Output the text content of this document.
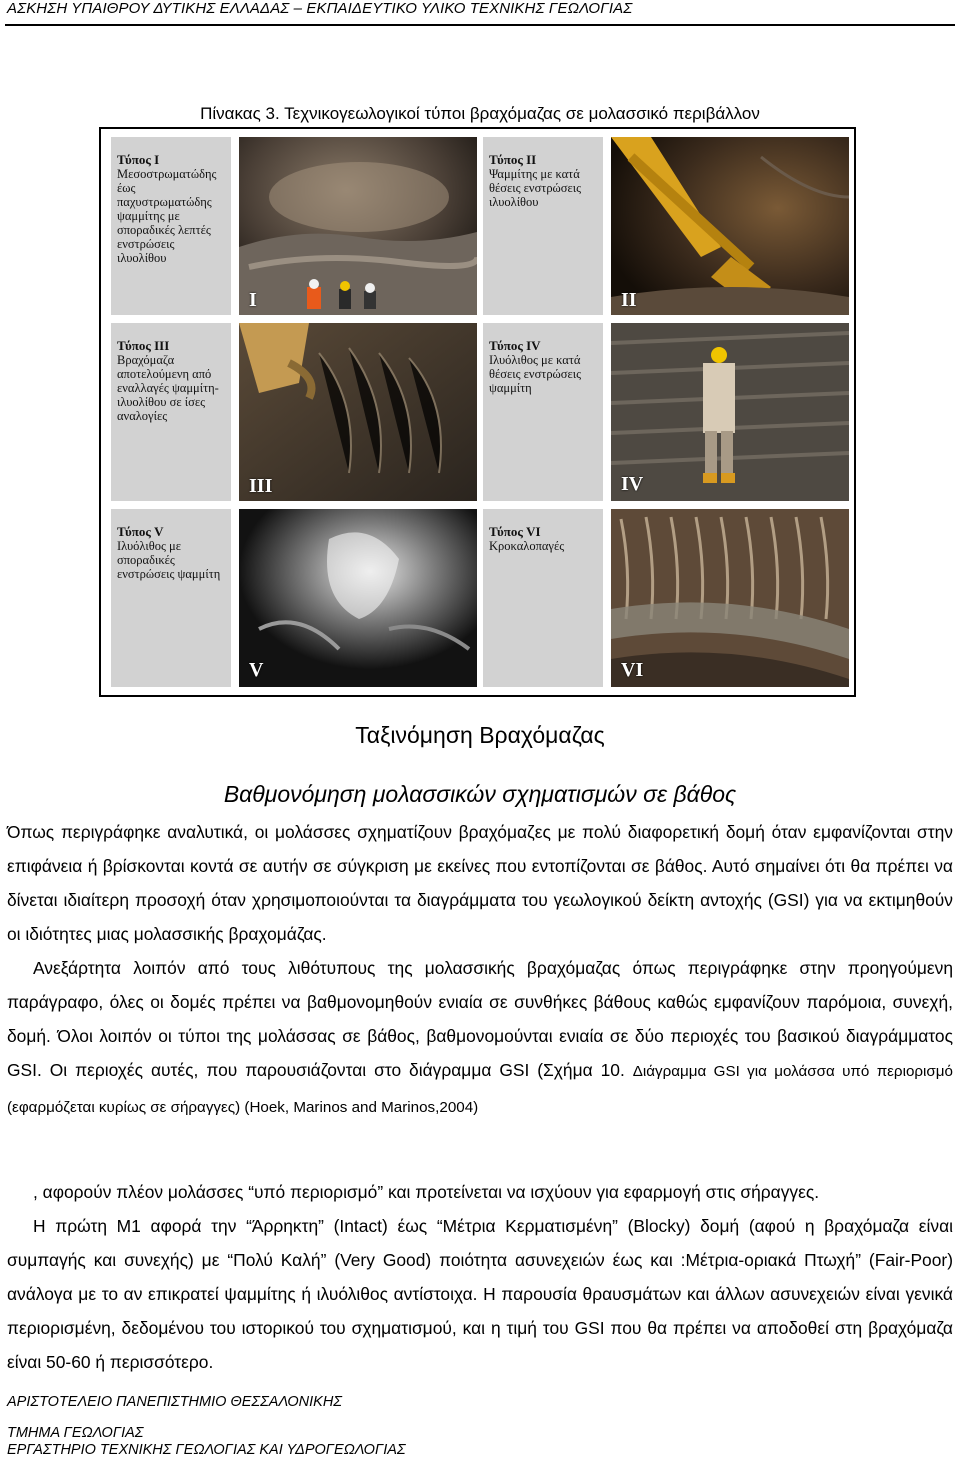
ΑΣΚΗΣΗ ΥΠΑΙΘΡΟΥ ΔΥΤΙΚΗΣ ΕΛΛΑΔΑΣ – ΕΚΠΑΙΔΕΥΤΙΚΟ ΥΛΙΚΟ ΤΕΧΝΙΚΗΣ ΓΕΩΛΟΓΙΑΣ
Πίνακας 3. Τεχνικογεωλογικοί τύποι βραχόμαζας σε μολασσικό περιβάλλον
Τύπος I
Μεσοστρωματώδης έως παχυστρωματώδης ψαμμίτης με σποραδικές λεπτές ενστρώσεις ιλυολίθου
I
Τύπος II
Ψαμμίτης με κατά θέσεις ενστρώσεις ιλυολίθου
II
Τύπος III
Βραχόμαζα αποτελούμενη από εναλλαγές ψαμμίτη-ιλυολίθου σε ίσες αναλογίες
III
Τύπος IV
Ιλυόλιθος με κατά θέσεις ενστρώσεις ψαμμίτη
IV
Τύπος V
Ιλυόλιθος με σποραδικές ενστρώσεις ψαμμίτη
V
Τύπος VI
Κροκαλοπαγές
VI
Ταξινόμηση Βραχόμαζας
Βαθμονόμηση μολασσικών σχηματισμών σε βάθος

Όπως περιγράφηκε αναλυτικά, οι μολάσσες σχηματίζουν βραχόμαζες με πολύ διαφορετική δομή όταν εμφανίζονται στην επιφάνεια ή βρίσκονται κοντά σε αυτήν σε σύγκριση με εκείνες που εντοπίζονται σε βάθος. Αυτό σημαίνει ότι θα πρέπει να δίνεται ιδιαίτερη προσοχή όταν χρησιμοποιούνται τα διαγράμματα του γεωλογικού δείκτη αντοχής (GSI) για να εκτιμηθούν οι ιδιότητες μιας μολασσικής βραχομάζας.

Ανεξάρτητα λοιπόν από τους λιθότυπους της μολασσικής βραχόμαζας όπως περιγράφηκε στην προηγούμενη παράγραφο, όλες οι δομές πρέπει να βαθμονομηθούν ενιαία σε συνθήκες βάθους καθώς εμφανίζουν παρόμοια, συνεχή, δομή. Όλοι λοιπόν οι τύποι της μολάσσας σε βάθος, βαθμονομούνται ενιαία σε δύο περιοχές του βασικού διαγράμματος GSI. Οι περιοχές αυτές, που παρουσιάζονται στο διάγραμμα GSI (Σχήμα 10. Διάγραμμα GSI για μολάσσα υπό περιορισμό (εφαρμόζεται κυρίως σε σήραγγες) (Hoek, Marinos and Marinos,2004)

, αφορούν πλέον μολάσσες “υπό περιορισμό” και προτείνεται να ισχύουν για εφαρμογή στις σήραγγες.

Η πρώτη Μ1 αφορά την “Άρρηκτη” (Intact) έως “Μέτρια Κερματισμένη” (Blocky) δομή (αφού η βραχόμαζα είναι συμπαγής και συνεχής) με “Πολύ Καλή” (Very Good) ποιότητα ασυνεχειών έως και :Μέτρια-οριακά Πτωχή” (Fair-Poor) ανάλογα με το αν επικρατεί ψαμμίτης ή ιλυόλιθος αντίστοιχα. Η παρουσία θραυσμάτων και άλλων ασυνεχειών είναι γενικά περιορισμένη, δεδομένου του ιστορικού του σχηματισμού, και η τιμή του GSI που θα πρέπει να αποδοθεί στη βραχόμαζα είναι 50-60 ή περισσότερο.

ΑΡΙΣΤΟΤΕΛΕΙΟ ΠΑΝΕΠΙΣΤΗΜΙΟ ΘΕΣΣΑΛΟΝΙΚΗΣ
ΤΜΗΜΑ ΓΕΩΛΟΓΙΑΣ
ΕΡΓΑΣΤΗΡΙΟ ΤΕΧΝΙΚΗΣ ΓΕΩΛΟΓΙΑΣ ΚΑΙ ΥΔΡΟΓΕΩΛΟΓΙΑΣ
